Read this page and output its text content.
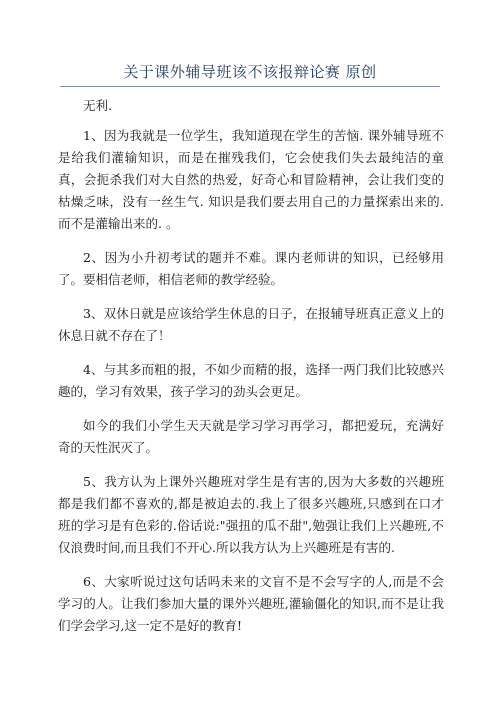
关于课外辅导班该不该报辩论赛 原创

无利.

1、因为我就是一位学生，我知道现在学生的苦恼. 课外辅导班不是给我们灌输知识，而是在摧残我们，它会使我们失去最纯洁的童真，会扼杀我们对大自然的热爱，好奇心和冒险精神，会让我们变的枯燥乏味，没有一丝生气. 知识是我们要去用自己的力量探索出来的. 而不是灌输出来的. 。

2、因为小升初考试的题并不难。课内老师讲的知识，已经够用了。要相信老师，相信老师的教学经验。

3、双休日就是应该给学生休息的日子，在报辅导班真正意义上的休息日就不存在了！

4、与其多而粗的报，不如少而精的报，选择一两门我们比较感兴趣的，学习有效果，孩子学习的劲头会更足。

如今的我们小学生天天就是学习学习再学习，都把爱玩，充满好奇的天性泯灭了。

5、我方认为上课外兴趣班对学生是有害的,因为大多数的兴趣班都是我们都不喜欢的,都是被迫去的.我上了很多兴趣班,只感到在口才班的学习是有色彩的.俗话说:"强扭的瓜不甜",勉强让我们上兴趣班,不仅浪费时间,而且我们不开心.所以我方认为上兴趣班是有害的.

6、大家听说过这句话吗未来的文盲不是不会写字的人,而是不会学习的人。让我们参加大量的课外兴趣班,灌输僵化的知识,而不是让我们学会学习,这一定不是好的教育!
